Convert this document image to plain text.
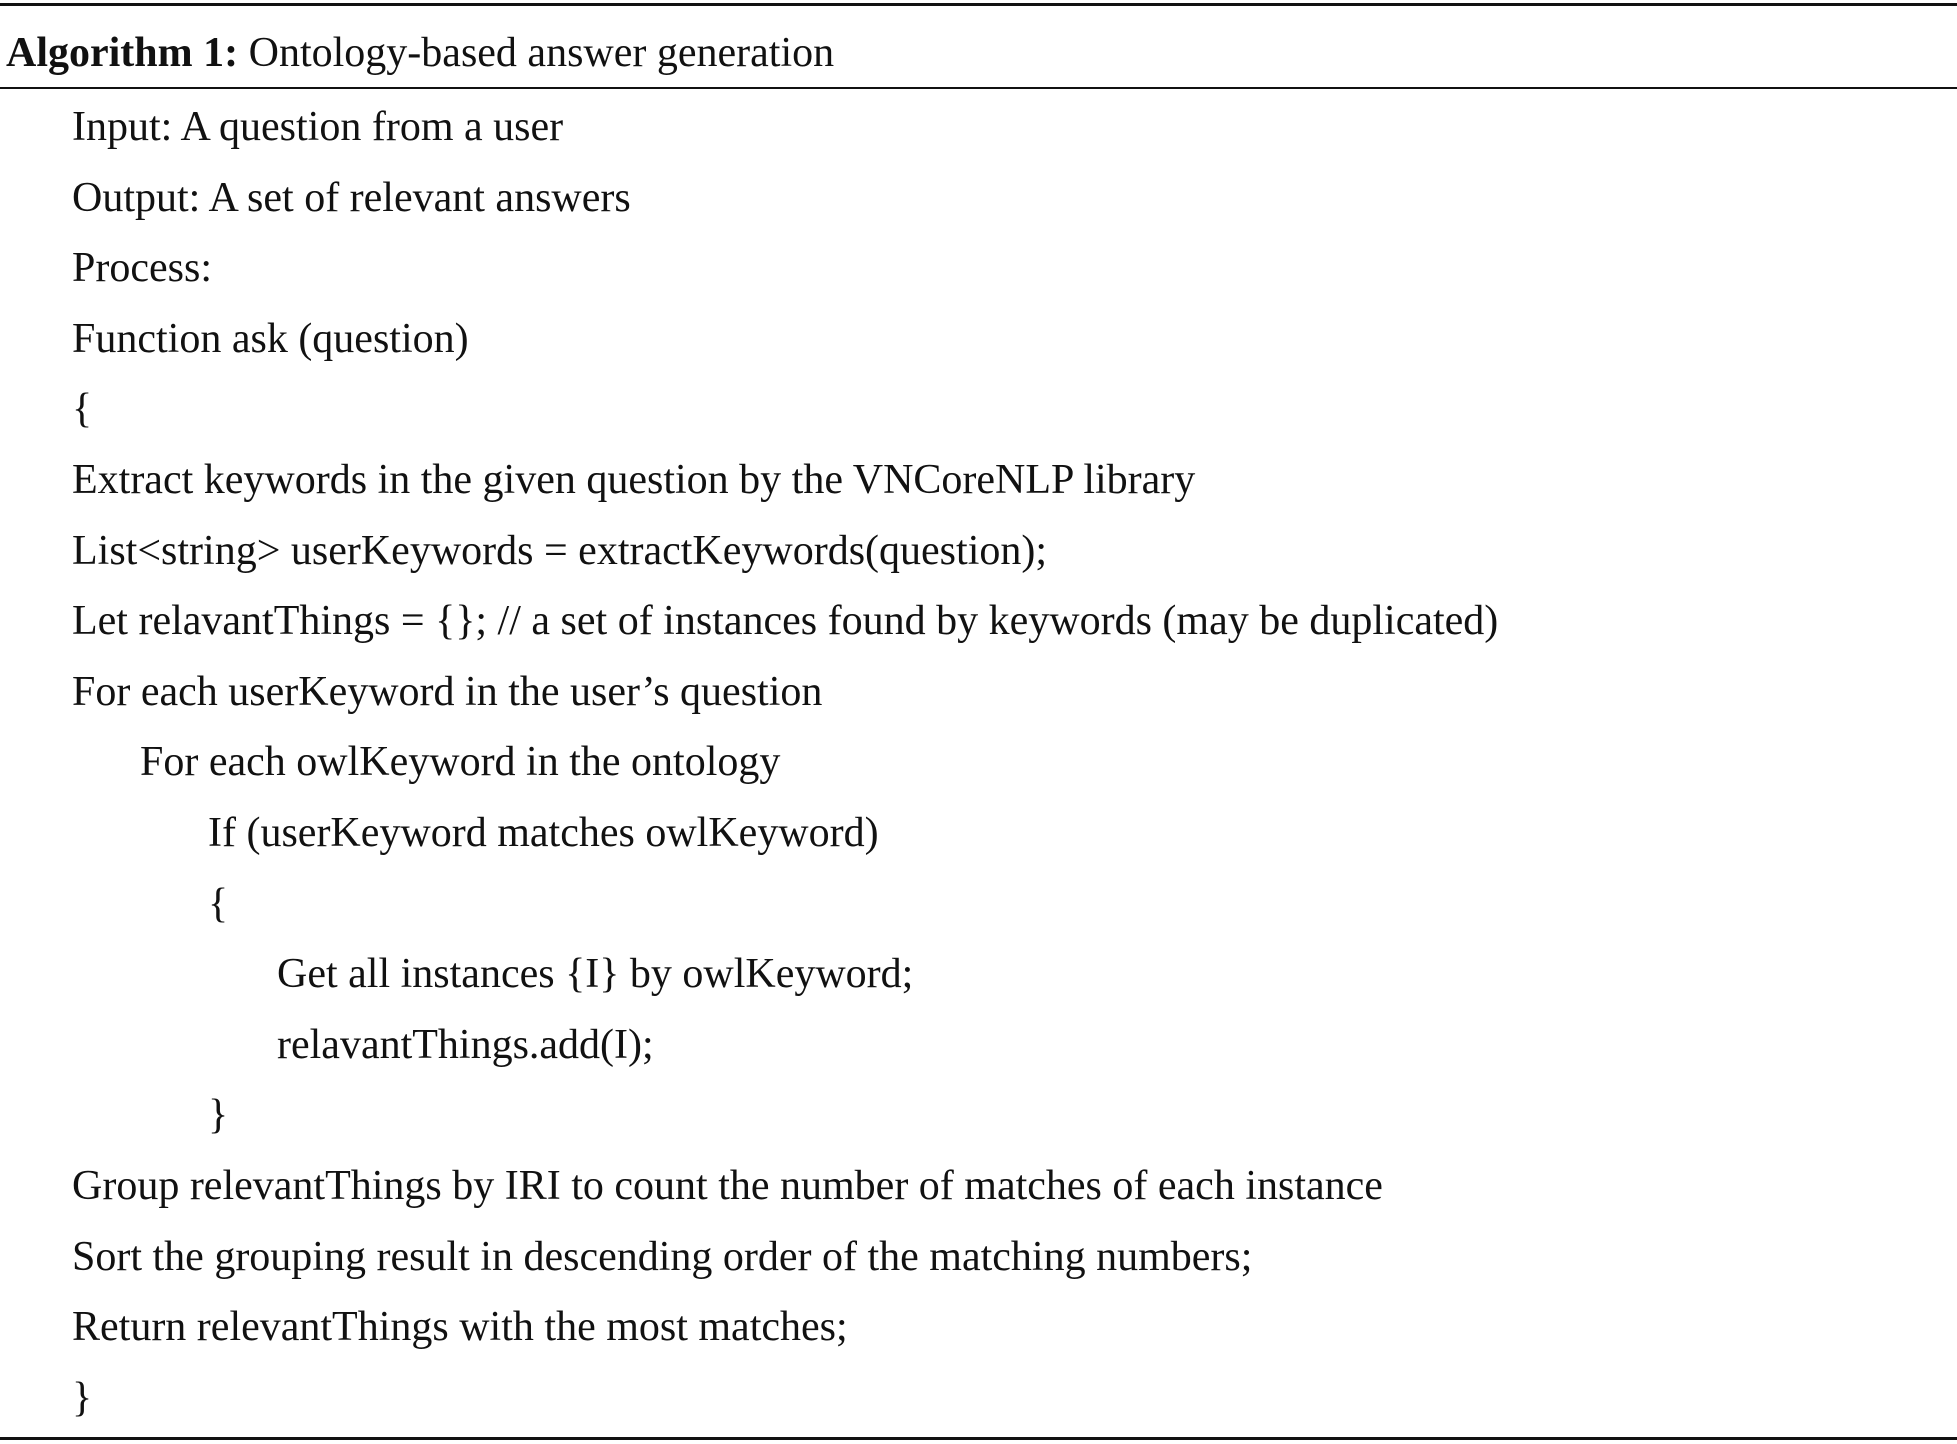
Algorithm 1: Ontology-based answer generation
Input: A question from a user
Output: A set of relevant answers
Process:
Function ask (question)
{
Extract keywords in the given question by the VNCoreNLP library
List<string> userKeywords = extractKeywords(question);
Let relavantThings = {}; // a set of instances found by keywords (may be duplicated)
For each userKeyword in the user’s question
For each owlKeyword in the ontology
If (userKeyword matches owlKeyword)
{
Get all instances {I} by owlKeyword;
relavantThings.add(I);
}
Group relevantThings by IRI to count the number of matches of each instance
Sort the grouping result in descending order of the matching numbers;
Return relevantThings with the most matches;
}
